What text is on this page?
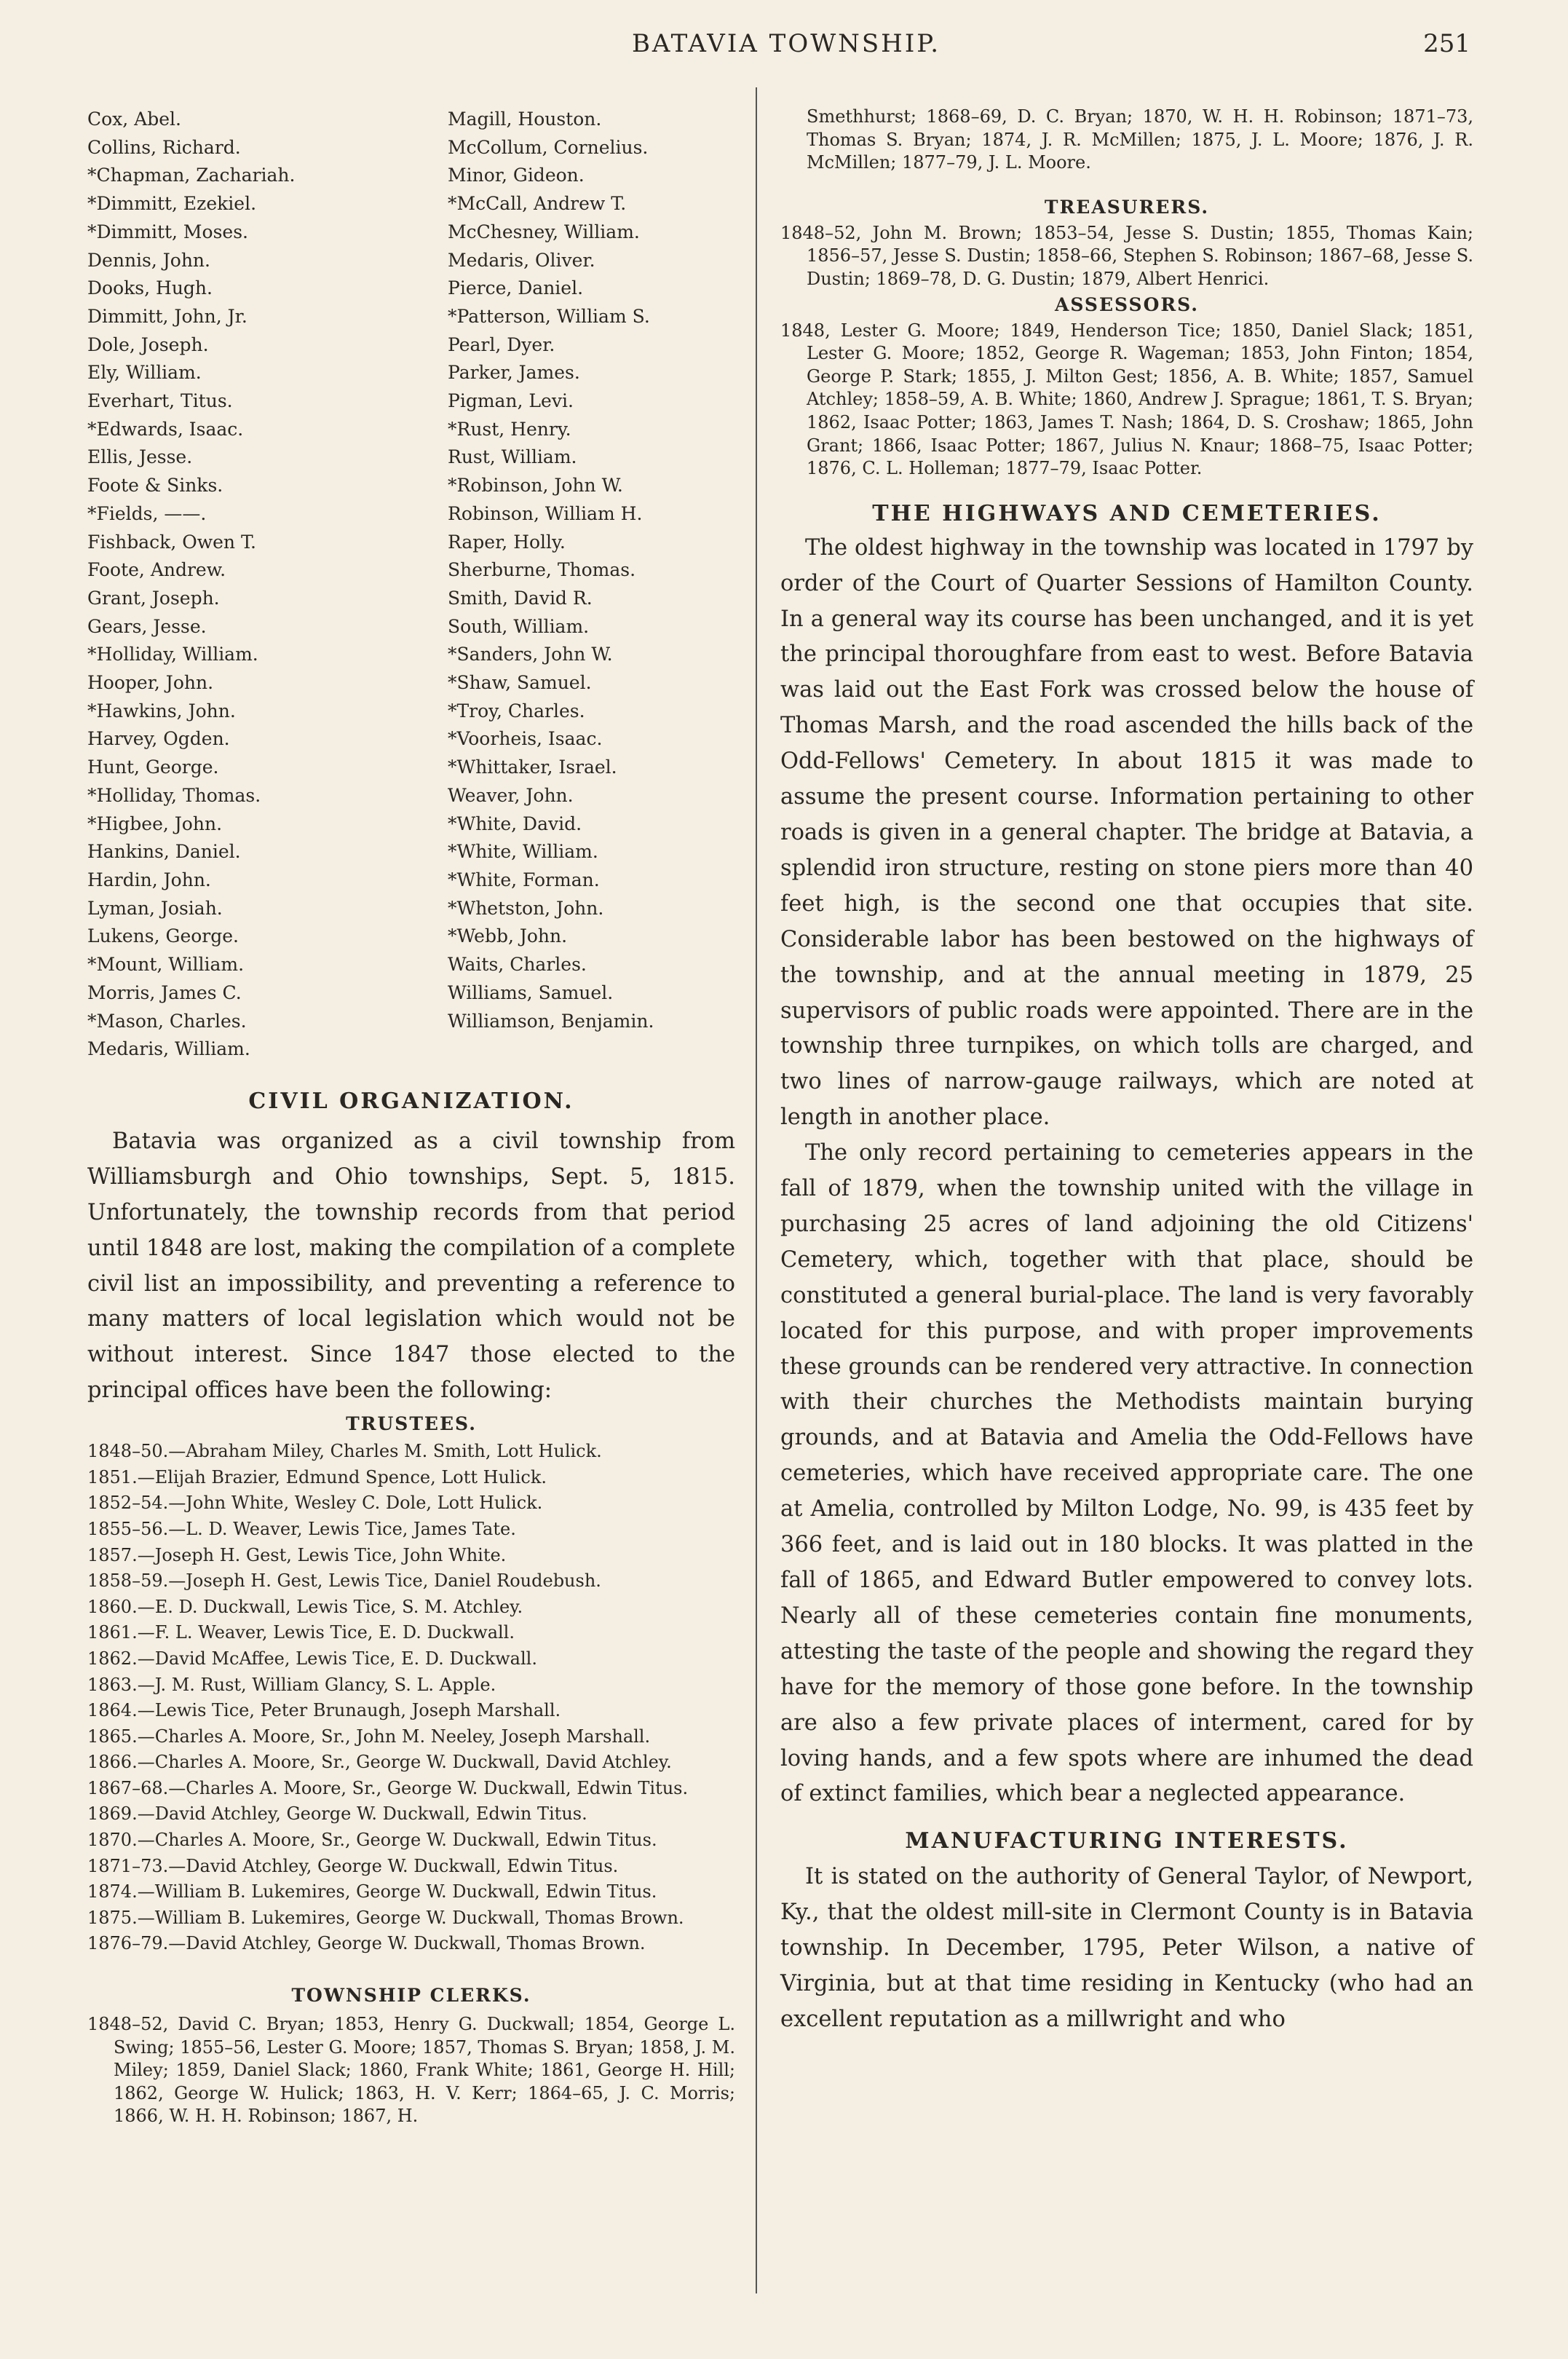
BATAVIA TOWNSHIP.	251
Cox, Abel.
Collins, Richard.
*Chapman, Zachariah.
*Dimmitt, Ezekiel.
*Dimmitt, Moses.
Dennis, John.
Dooks, Hugh.
Dimmitt, John, Jr.
Dole, Joseph.
Ely, William.
Everhart, Titus.
*Edwards, Isaac.
Ellis, Jesse.
Foote & Sinks.
*Fields, ——.
Fishback, Owen T.
Foote, Andrew.
Grant, Joseph.
Gears, Jesse.
*Holliday, William.
Hooper, John.
*Hawkins, John.
Harvey, Ogden.
Hunt, George.
*Holliday, Thomas.
*Higbee, John.
Hankins, Daniel.
Hardin, John.
Lyman, Josiah.
Lukens, George.
*Mount, William.
Morris, James C.
*Mason, Charles.
Medaris, William.
Magill, Houston.
McCollum, Cornelius.
Minor, Gideon.
*McCall, Andrew T.
McChesney, William.
Medaris, Oliver.
Pierce, Daniel.
*Patterson, William S.
Pearl, Dyer.
Parker, James.
Pigman, Levi.
*Rust, Henry.
Rust, William.
*Robinson, John W.
Robinson, William H.
Raper, Holly.
Sherburne, Thomas.
Smith, David R.
South, William.
*Sanders, John W.
*Shaw, Samuel.
*Troy, Charles.
*Voorheis, Isaac.
*Whittaker, Israel.
Weaver, John.
*White, David.
*White, William.
*White, Forman.
*Whetston, John.
*Webb, John.
Waits, Charles.
Williams, Samuel.
Williamson, Benjamin.
CIVIL ORGANIZATION.

Batavia was organized as a civil township from Williamsburgh and Ohio townships, Sept. 5, 1815. Unfortunately, the township records from that period until 1848 are lost, making the compilation of a complete civil list an impossibility, and preventing a reference to many matters of local legislation which would not be without interest. Since 1847 those elected to the principal offices have been the following:

TRUSTEES.
1848–50.—Abraham Miley, Charles M. Smith, Lott Hulick.
1851.—Elijah Brazier, Edmund Spence, Lott Hulick.
1852–54.—John White, Wesley C. Dole, Lott Hulick.
1855–56.—L. D. Weaver, Lewis Tice, James Tate.
1857.—Joseph H. Gest, Lewis Tice, John White.
1858–59.—Joseph H. Gest, Lewis Tice, Daniel Roudebush.
1860.—E. D. Duckwall, Lewis Tice, S. M. Atchley.
1861.—F. L. Weaver, Lewis Tice, E. D. Duckwall.
1862.—David McAffee, Lewis Tice, E. D. Duckwall.
1863.—J. M. Rust, William Glancy, S. L. Apple.
1864.—Lewis Tice, Peter Brunaugh, Joseph Marshall.
1865.—Charles A. Moore, Sr., John M. Neeley, Joseph Marshall.
1866.—Charles A. Moore, Sr., George W. Duckwall, David Atchley.
1867–68.—Charles A. Moore, Sr., George W. Duckwall, Edwin Titus.
1869.—David Atchley, George W. Duckwall, Edwin Titus.
1870.—Charles A. Moore, Sr., George W. Duckwall, Edwin Titus.
1871–73.—David Atchley, George W. Duckwall, Edwin Titus.
1874.—William B. Lukemires, George W. Duckwall, Edwin Titus.
1875.—William B. Lukemires, George W. Duckwall, Thomas Brown.
1876–79.—David Atchley, George W. Duckwall, Thomas Brown.
TOWNSHIP CLERKS.

1848–52, David C. Bryan; 1853, Henry G. Duckwall; 1854, George L. Swing; 1855–56, Lester G. Moore; 1857, Thomas S. Bryan; 1858, J. M. Miley; 1859, Daniel Slack; 1860, Frank White; 1861, George H. Hill; 1862, George W. Hulick; 1863, H. V. Kerr; 1864–65, J. C. Morris; 1866, W. H. H. Robinson; 1867, H.

Smethhurst; 1868–69, D. C. Bryan; 1870, W. H. H. Robinson; 1871–73, Thomas S. Bryan; 1874, J. R. McMillen; 1875, J. L. Moore; 1876, J. R. McMillen; 1877–79, J. L. Moore.

TREASURERS.

1848–52, John M. Brown; 1853–54, Jesse S. Dustin; 1855, Thomas Kain; 1856–57, Jesse S. Dustin; 1858–66, Stephen S. Robinson; 1867–68, Jesse S. Dustin; 1869–78, D. G. Dustin; 1879, Albert Henrici.

ASSESSORS.

1848, Lester G. Moore; 1849, Henderson Tice; 1850, Daniel Slack; 1851, Lester G. Moore; 1852, George R. Wageman; 1853, John Finton; 1854, George P. Stark; 1855, J. Milton Gest; 1856, A. B. White; 1857, Samuel Atchley; 1858–59, A. B. White; 1860, Andrew J. Sprague; 1861, T. S. Bryan; 1862, Isaac Potter; 1863, James T. Nash; 1864, D. S. Croshaw; 1865, John Grant; 1866, Isaac Potter; 1867, Julius N. Knaur; 1868–75, Isaac Potter; 1876, C. L. Holleman; 1877–79, Isaac Potter.

THE HIGHWAYS AND CEMETERIES.

The oldest highway in the township was located in 1797 by order of the Court of Quarter Sessions of Hamilton County. In a general way its course has been unchanged, and it is yet the principal thoroughfare from east to west. Before Batavia was laid out the East Fork was crossed below the house of Thomas Marsh, and the road ascended the hills back of the Odd-Fellows' Cemetery. In about 1815 it was made to assume the present course. Information pertaining to other roads is given in a general chapter. The bridge at Batavia, a splendid iron structure, resting on stone piers more than 40 feet high, is the second one that occupies that site. Considerable labor has been bestowed on the highways of the township, and at the annual meeting in 1879, 25 supervisors of public roads were appointed. There are in the township three turnpikes, on which tolls are charged, and two lines of narrow-gauge railways, which are noted at length in another place.

The only record pertaining to cemeteries appears in the fall of 1879, when the township united with the village in purchasing 25 acres of land adjoining the old Citizens' Cemetery, which, together with that place, should be constituted a general burial-place. The land is very favorably located for this purpose, and with proper improvements these grounds can be rendered very attractive. In connection with their churches the Methodists maintain burying grounds, and at Batavia and Amelia the Odd-Fellows have cemeteries, which have received appropriate care. The one at Amelia, controlled by Milton Lodge, No. 99, is 435 feet by 366 feet, and is laid out in 180 blocks. It was platted in the fall of 1865, and Edward Butler empowered to convey lots. Nearly all of these cemeteries contain fine monuments, attesting the taste of the people and showing the regard they have for the memory of those gone before. In the township are also a few private places of interment, cared for by loving hands, and a few spots where are inhumed the dead of extinct families, which bear a neglected appearance.

MANUFACTURING INTERESTS.

It is stated on the authority of General Taylor, of Newport, Ky., that the oldest mill-site in Clermont County is in Batavia township. In December, 1795, Peter Wilson, a native of Virginia, but at that time residing in Kentucky (who had an excellent reputation as a millwright and who
